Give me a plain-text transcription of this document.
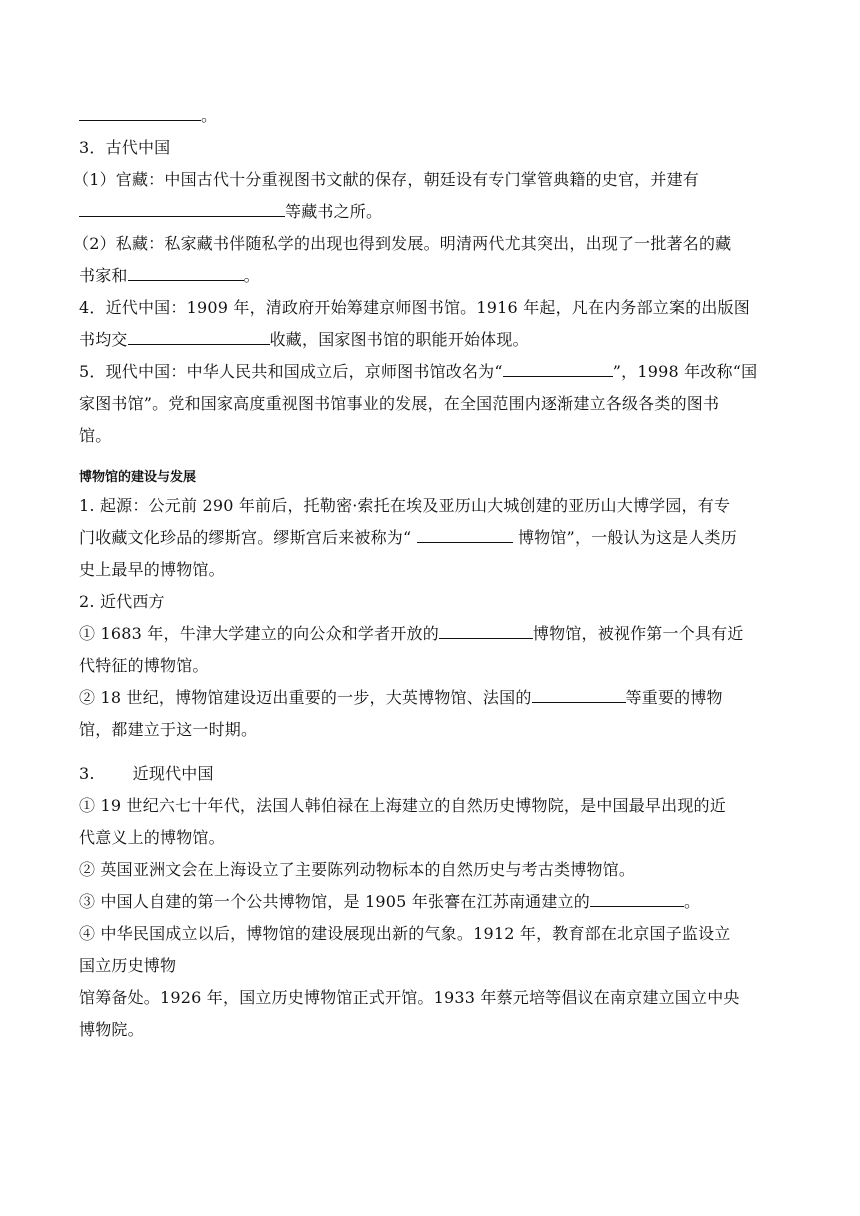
。
3．古代中国
（1）官藏：中国古代十分重视图书文献的保存，朝廷设有专门掌管典籍的史官，并建有
等藏书之所。
（2）私藏：私家藏书伴随私学的出现也得到发展。明清两代尤其突出，出现了一批著名的藏
书家和	。
4．近代中国：1909 年，清政府开始筹建京师图书馆。1916 年起，凡在内务部立案的出版图
书均交	收藏，国家图书馆的职能开始体现。
5．现代中国：中华人民共和国成立后，京师图书馆改名为“	”，1998 年改称“国
家图书馆”。党和国家高度重视图书馆事业的发展，在全国范围内逐渐建立各级各类的图书
馆。
博物馆的建设与发展
1. 起源：公元前 290 年前后，托勒密·索托在埃及亚历山大城创建的亚历山大博学园，有专
门收藏文化珍品的缪斯宫。缪斯宫后来被称为“	博物馆”，一般认为这是人类历
史上最早的博物馆。
2. 近代西方
① 1683 年，牛津大学建立的向公众和学者开放的	博物馆，被视作第一个具有近
代特征的博物馆。
② 18 世纪，博物馆建设迈出重要的一步，大英博物馆、法国的	等重要的博物
馆，都建立于这一时期。
3. 近现代中国
① 19 世纪六七十年代，法国人韩伯禄在上海建立的自然历史博物院，是中国最早出现的近
代意义上的博物馆。
② 英国亚洲文会在上海设立了主要陈列动物标本的自然历史与考古类博物馆。
③ 中国人自建的第一个公共博物馆，是 1905 年张謇在江苏南通建立的	。
④ 中华民国成立以后，博物馆的建设展现出新的气象。1912 年，教育部在北京国子监设立
国立历史博物
馆筹备处。1926 年，国立历史博物馆正式开馆。1933 年蔡元培等倡议在南京建立国立中央
博物院。
